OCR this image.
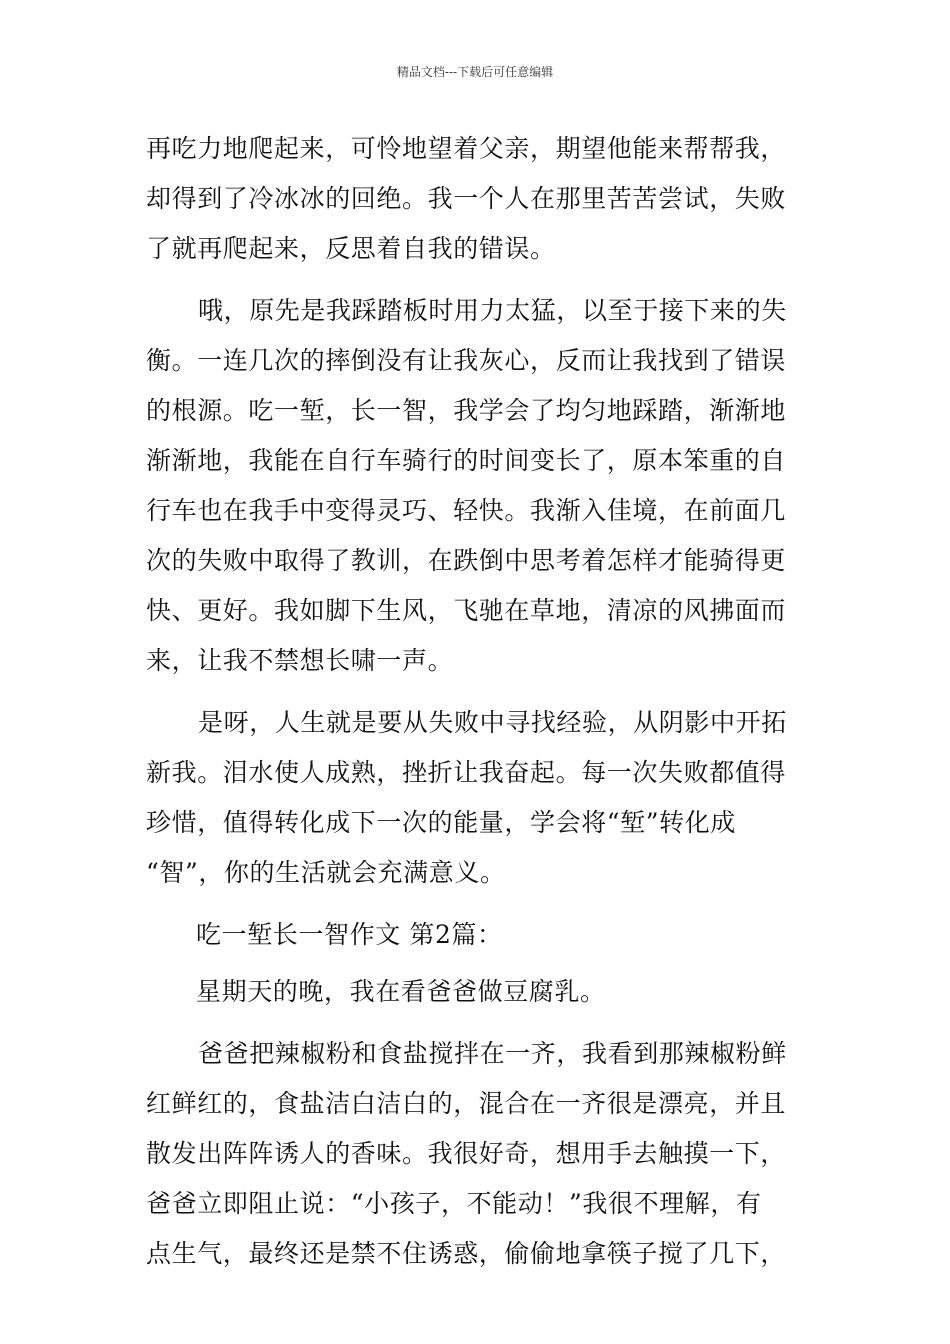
精品文档---下载后可任意编辑
再吃力地爬起来，可怜地望着父亲，期望他能来帮帮我，
却得到了冷冰冰的回绝。我一个人在那里苦苦尝试，失败
了就再爬起来，反思着自我的错误。
哦，原先是我踩踏板时用力太猛，以至于接下来的失
衡。一连几次的摔倒没有让我灰心，反而让我找到了错误
的根源。吃一堑，长一智，我学会了均匀地踩踏，渐渐地
渐渐地，我能在自行车骑行的时间变长了，原本笨重的自
行车也在我手中变得灵巧、轻快。我渐入佳境，在前面几
次的失败中取得了教训，在跌倒中思考着怎样才能骑得更
快、更好。我如脚下生风，飞驰在草地，清凉的风拂面而
来，让我不禁想长啸一声。
是呀，人生就是要从失败中寻找经验，从阴影中开拓
新我。泪水使人成熟，挫折让我奋起。每一次失败都值得
珍惜，值得转化成下一次的能量，学会将“堑”转化成
“智”，你的生活就会充满意义。
吃一堑长一智作文 第2篇：
星期天的晚，我在看爸爸做豆腐乳。
爸爸把辣椒粉和食盐搅拌在一齐，我看到那辣椒粉鲜
红鲜红的，食盐洁白洁白的，混合在一齐很是漂亮，并且
散发出阵阵诱人的香味。我很好奇，想用手去触摸一下，
爸爸立即阻止说：“小孩子，不能动！”我很不理解，有
点生气，最终还是禁不住诱惑，偷偷地拿筷子搅了几下，
